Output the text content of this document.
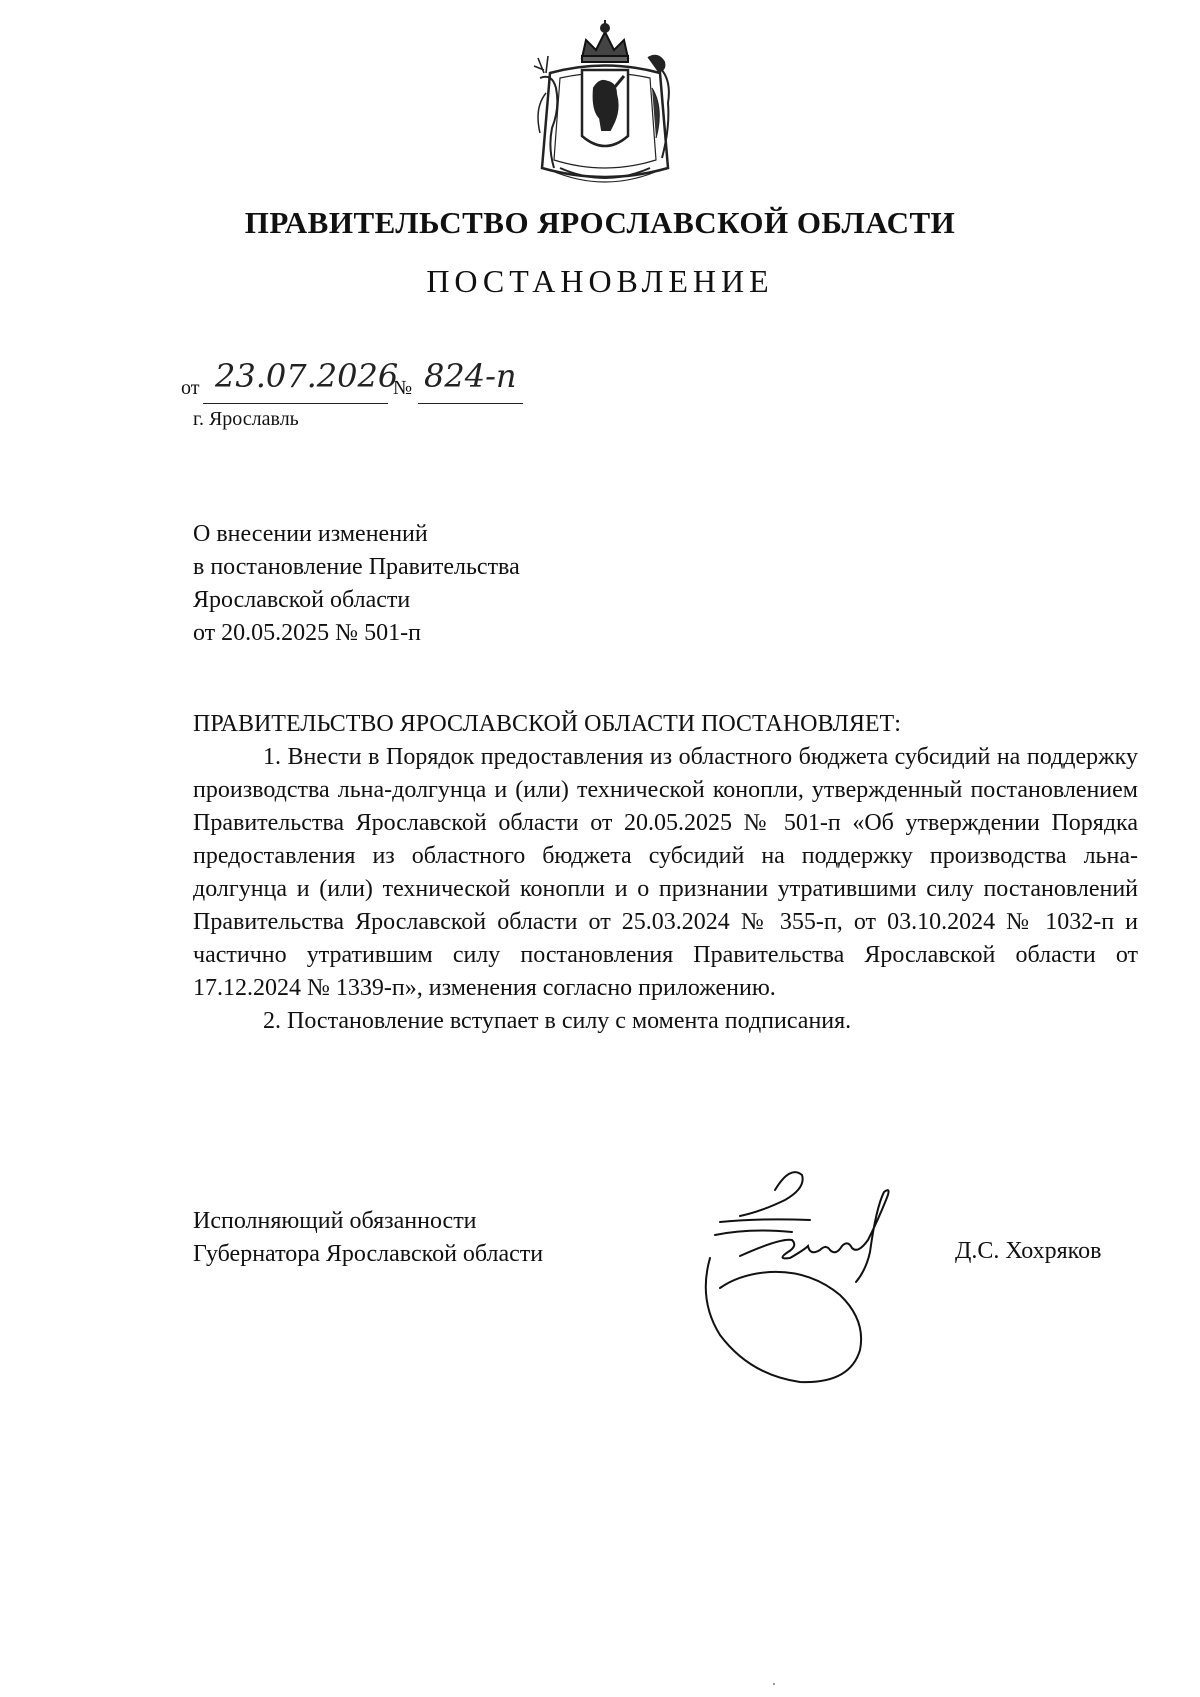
ПРАВИТЕЛЬСТВО ЯРОСЛАВСКОЙ ОБЛАСТИ
ПОСТАНОВЛЕНИЕ
от 23.07.2026
№ 824-п
г. Ярославль
О внесении изменений
в постановление Правительства
Ярославской области
от 20.05.2025 № 501-п

ПРАВИТЕЛЬСТВО ЯРОСЛАВСКОЙ ОБЛАСТИ ПОСТАНОВЛЯЕТ:

1. Внести в Порядок предоставления из областного бюджета субсидий на поддержку производства льна-долгунца и (или) технической конопли, утвержденный постановлением Правительства Ярославской области от 20.05.2025 № 501-п «Об утверждении Порядка предоставления из областного бюджета субсидий на поддержку производства льна-долгунца и (или) технической конопли и о признании утратившими силу постановлений Правительства Ярославской области от 25.03.2024 № 355-п, от 03.10.2024 № 1032-п и частично утратившим силу постановления Правительства Ярославской области от 17.12.2024 № 1339-п», изменения согласно приложению.

2. Постановление вступает в силу с момента подписания.

Исполняющий обязанности
Губернатора Ярославской области	Д.С. Хохряков
